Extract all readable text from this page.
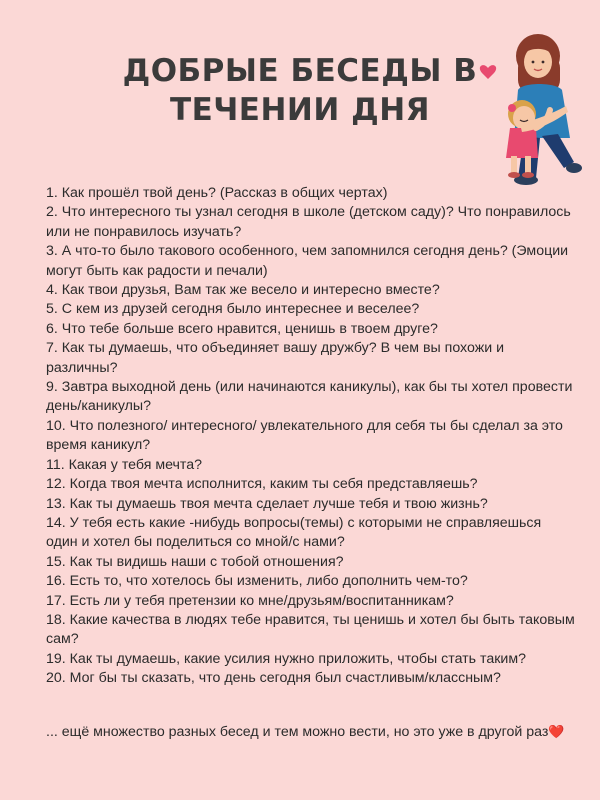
ДОБРЫЕ БЕСЕДЫ В
ТЕЧЕНИИ ДНЯ
1. Как прошёл твой день? (Рассказ в общих чертах)
2. Что интересного ты узнал сегодня в школе (детском саду)? Что понравилось или не понравилось изучать?
3. А что-то было такового особенного, чем запомнился сегодня день? (Эмоции могут быть как радости и печали)
4. Как твои друзья, Вам так же весело и интересно вместе?
5. С кем из друзей сегодня было интереснее и веселее?
6. Что тебе больше всего нравится, ценишь в твоем друге?
7. Как ты думаешь, что объединяет вашу дружбу? В чем вы похожи и различны?
9. Завтра выходной день (или начинаются каникулы), как бы ты хотел провести день/каникулы?
10. Что полезного/ интересного/ увлекательного для себя ты бы сделал за это время каникул?
11. Какая у тебя мечта?
12. Когда твоя мечта исполнится, каким ты себя представляешь?
13. Как ты думаешь твоя мечта сделает лучше тебя и твою жизнь?
14. У тебя есть какие -нибудь вопросы(темы) с которыми не справляешься один и хотел бы поделиться со мной/с нами?
15. Как ты видишь наши с тобой отношения?
16. Есть то, что хотелось бы изменить, либо дополнить чем-то?
17. Есть ли у тебя претензии ко мне/друзьям/воспитанникам?
18. Какие качества в людях тебе нравится, ты ценишь и хотел бы быть таковым сам?
19. Как ты думаешь, какие усилия нужно приложить, чтобы стать таким?
20. Мог бы ты сказать, что день сегодня был счастливым/классным?

... ещё множество разных бесед и тем можно вести, но это уже в другой раз❤️
